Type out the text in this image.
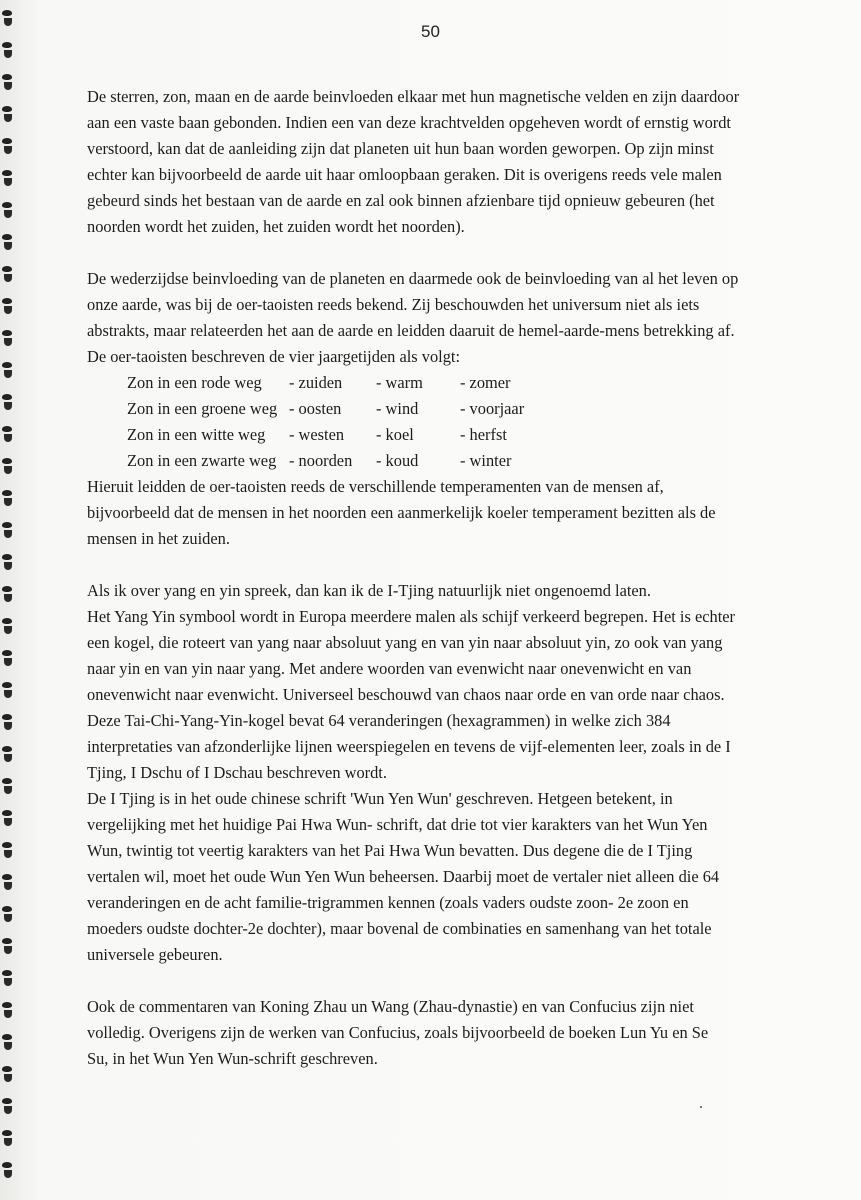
50

De sterren, zon, maan en de aarde beinvloeden elkaar met hun magnetische velden en zijn daardoor
aan een vaste baan gebonden. Indien een van deze krachtvelden opgeheven wordt of ernstig wordt
verstoord, kan dat de aanleiding zijn dat planeten uit hun baan worden geworpen. Op zijn minst
echter kan bijvoorbeeld de aarde uit haar omloopbaan geraken. Dit is overigens reeds vele malen
gebeurd sinds het bestaan van de aarde en zal ook binnen afzienbare tijd opnieuw gebeuren (het
noorden wordt het zuiden, het zuiden wordt het noorden).

De wederzijdse beinvloeding van de planeten en daarmede ook de beinvloeding van al het leven op
onze aarde, was bij de oer-taoisten reeds bekend. Zij beschouwden het universum niet als iets
abstrakts, maar relateerden het aan de aarde en leidden daaruit de hemel-aarde-mens betrekking af.
De oer-taoisten beschreven de vier jaargetijden als volgt:

Zon in een rode weg	- zuiden	- warm	- zomer
Zon in een groene weg - oosten	- wind	- voorjaar
Zon in een witte weg	- westen	- koel	- herfst
Zon in een zwarte weg - noorden	- koud	- winter

Hieruit leidden de oer-taoisten reeds de verschillende temperamenten van de mensen af,
bijvoorbeeld dat de mensen in het noorden een aanmerkelijk koeler temperament bezitten als de
mensen in het zuiden.

Als ik over yang en yin spreek, dan kan ik de I-Tjing natuurlijk niet ongenoemd laten.
Het Yang Yin symbool wordt in Europa meerdere malen als schijf verkeerd begrepen. Het is echter
een kogel, die roteert van yang naar absoluut yang en van yin naar absoluut yin, zo ook van yang
naar yin en van yin naar yang. Met andere woorden van evenwicht naar onevenwicht en van
onevenwicht naar evenwicht. Universeel beschouwd van chaos naar orde en van orde naar chaos.
Deze Tai-Chi-Yang-Yin-kogel bevat 64 veranderingen (hexagrammen) in welke zich 384
interpretaties van afzonderlijke lijnen weerspiegelen en tevens de vijf-elementen leer, zoals in de I
Tjing, I Dschu of I Dschau beschreven wordt.
De I Tjing is in het oude chinese schrift 'Wun Yen Wun' geschreven. Hetgeen betekent, in
vergelijking met het huidige Pai Hwa Wun- schrift, dat drie tot vier karakters van het Wun Yen
Wun, twintig tot veertig karakters van het Pai Hwa Wun bevatten. Dus degene die de I Tjing
vertalen wil, moet het oude Wun Yen Wun beheersen. Daarbij moet de vertaler niet alleen die 64
veranderingen en de acht familie-trigrammen kennen (zoals vaders oudste zoon- 2e zoon en
moeders oudste dochter-2e dochter), maar bovenal de combinaties en samenhang van het totale
universele gebeuren.

Ook de commentaren van Koning Zhau un Wang (Zhau-dynastie) en van Confucius zijn niet
volledig. Overigens zijn de werken van Confucius, zoals bijvoorbeeld de boeken Lun Yu en Se
Su, in het Wun Yen Wun-schrift geschreven.
